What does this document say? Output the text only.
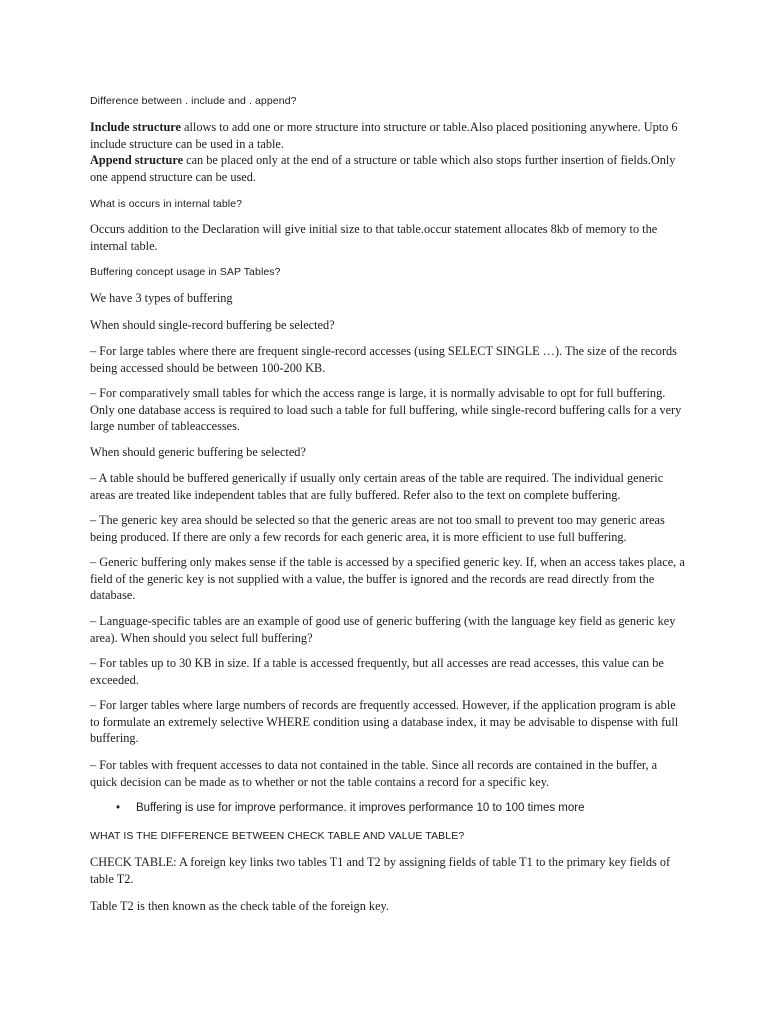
Difference between . include and . append?

Include structure allows to add one or more structure into structure or table.Also placed positioning anywhere. Upto 6 include structure can be used in a table.
Append structure can be placed only at the end of a structure or table which also stops further insertion of fields.Only one append structure can be used.

What is occurs in internal table?

Occurs addition to the Declaration will give initial size to that table.occur statement allocates 8kb of memory to the internal table.

Buffering concept usage in SAP Tables?

We have 3 types of buffering

When should single-record buffering be selected?

– For large tables where there are frequent single-record accesses (using SELECT SINGLE …). The size of the records being accessed should be between 100-200 KB.

– For comparatively small tables for which the access range is large, it is normally advisable to opt for full buffering. Only one database access is required to load such a table for full buffering, while single-record buffering calls for a very large number of tableaccesses.

When should generic buffering be selected?

– A table should be buffered generically if usually only certain areas of the table are required. The individual generic areas are treated like independent tables that are fully buffered. Refer also to the text on complete buffering.

– The generic key area should be selected so that the generic areas are not too small to prevent too may generic areas being produced. If there are only a few records for each generic area, it is more efficient to use full buffering.

– Generic buffering only makes sense if the table is accessed by a specified generic key. If, when an access takes place, a field of the generic key is not supplied with a value, the buffer is ignored and the records are read directly from the database.

– Language-specific tables are an example of good use of generic buffering (with the language key field as generic key area). When should you select full buffering?

– For tables up to 30 KB in size. If a table is accessed frequently, but all accesses are read accesses, this value can be exceeded.

– For larger tables where large numbers of records are frequently accessed. However, if the application program is able to formulate an extremely selective WHERE condition using a database index, it may be advisable to dispense with full buffering.

– For tables with frequent accesses to data not contained in the table. Since all records are contained in the buffer, a quick decision can be made as to whether or not the table contains a record for a specific key.

• Buffering is use for improve performance. it improves performance 10 to 100 times more
WHAT IS THE DIFFERENCE BETWEEN CHECK TABLE AND VALUE TABLE?

CHECK TABLE: A foreign key links two tables T1 and T2 by assigning fields of table T1 to the primary key fields of table T2.

Table T2 is then known as the check table of the foreign key.
